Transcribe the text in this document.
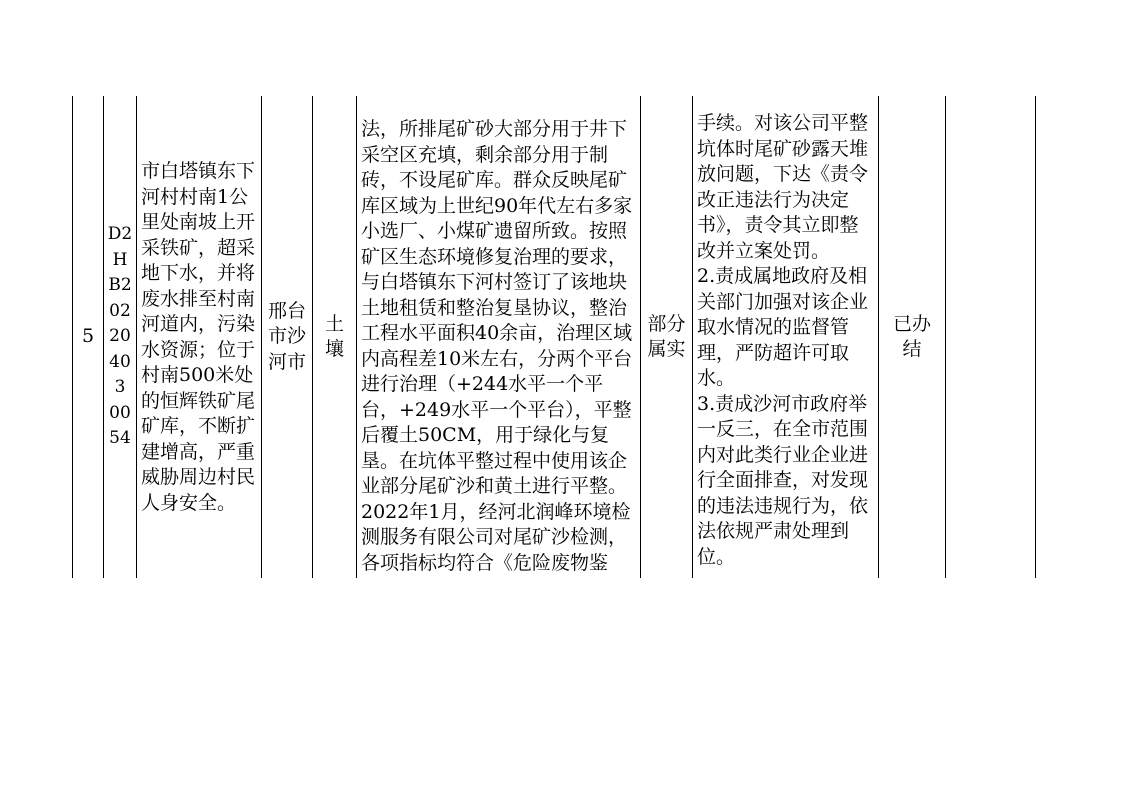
5
D2HB20220403 0054
市白塔镇东下河村村南1公里处南坡上开采铁矿，超采地下水，并将废水排至村南河道内，污染水资源；位于村南500米处的恒辉铁矿尾矿库，不断扩建增高，严重威胁周边村民人身安全。
邢台市沙河市
土壤
法，所排尾矿砂大部分用于井下采空区充填，剩余部分用于制砖，不设尾矿库。群众反映尾矿库区域为上世纪90年代左右多家小选厂、小煤矿遗留所致。按照矿区生态环境修复治理的要求，与白塔镇东下河村签订了该地块土地租赁和整治复垦协议，整治工程水平面积40余亩，治理区域内高程差10米左右，分两个平台进行治理（+244水平一个平台，+249水平一个平台），平整后覆土50CM，用于绿化与复垦。在坑体平整过程中使用该企业部分尾矿沙和黄土进行平整。2022年1月，经河北润峰环境检测服务有限公司对尾矿沙检测，各项指标均符合《危险废物鉴
部分属实

手续。对该公司平整坑体时尾矿砂露天堆放问题，下达《责令改正违法行为决定书》，责令其立即整改并立案处罚。

2.责成属地政府及相关部门加强对该企业取水情况的监督管理，严防超许可取水。

3.责成沙河市政府举一反三，在全市范围内对此类行业企业进行全面排查，对发现的违法违规行为，依法依规严肃处理到位。

已办结
